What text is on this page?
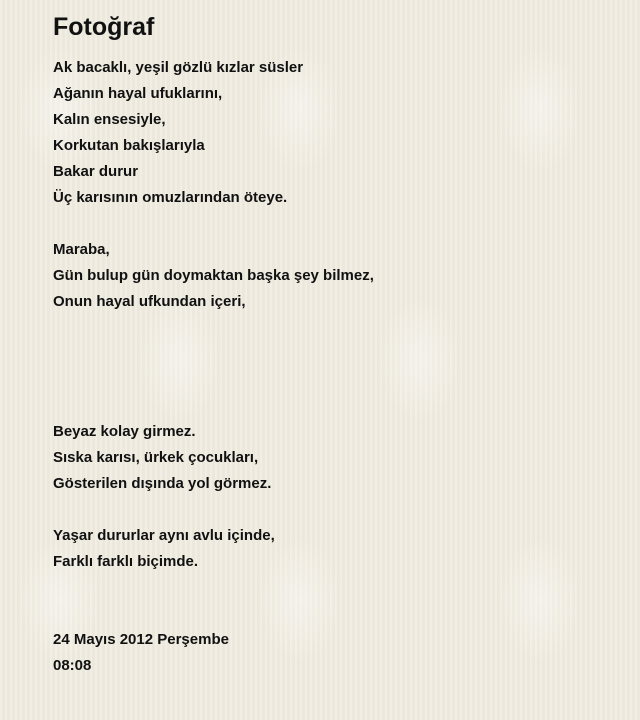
Fotoğraf
Ak bacaklı, yeşil gözlü kızlar süsler
Ağanın hayal ufuklarını,
Kalın ensesiyle,
Korkutan bakışlarıyla
Bakar durur
Üç karısının omuzlarından öteye.
Maraba,
Gün bulup gün doymaktan başka şey bilmez,
Onun hayal ufkundan içeri,
Beyaz kolay girmez.
Sıska karısı, ürkek çocukları,
Gösterilen dışında yol görmez.
Yaşar dururlar aynı avlu içinde,
Farklı farklı biçimde.
24 Mayıs 2012 Perşembe
08:08
